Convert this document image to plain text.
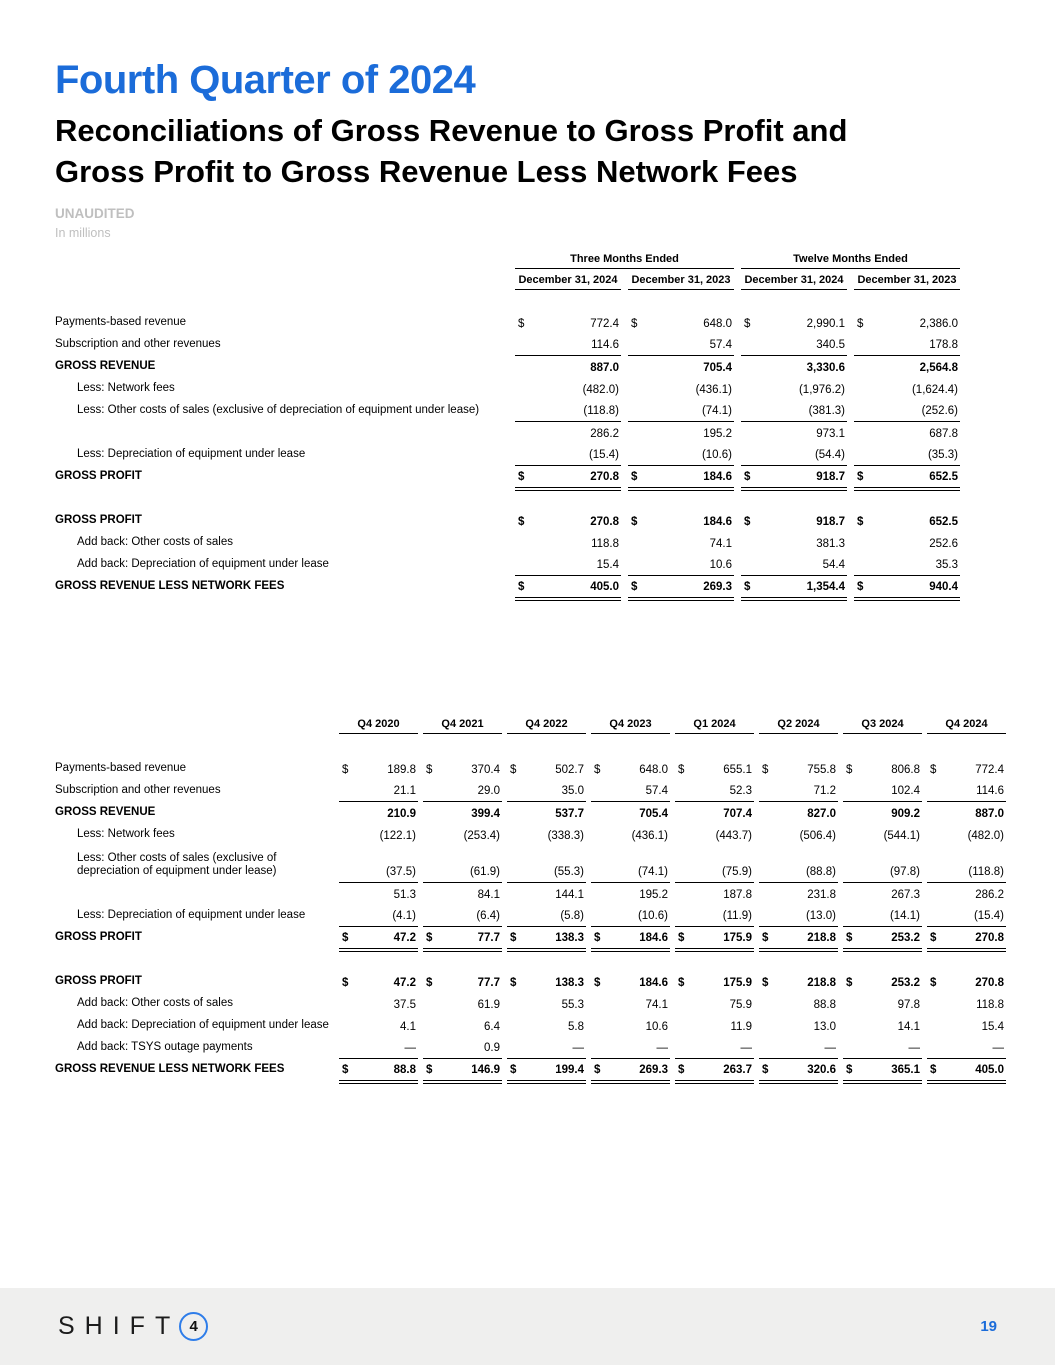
Fourth Quarter of 2024
Reconciliations of Gross Revenue to Gross Profit and
Gross Profit to Gross Revenue Less Network Fees
UNAUDITED
In millions
Three Months Ended	Twelve Months Ended
December 31, 2024	December 31, 2023	December 31, 2024	December 31, 2023
Payments-based revenue	$	772.4 $	648.0 $	2,990.1 $	2,386.0
Subscription and other revenues	114.6	57.4	340.5	178.8
GROSS REVENUE	887.0	705.4	3,330.6	2,564.8
Less: Network fees	(482.0)	(436.1)	(1,976.2)	(1,624.4)
Less: Other costs of sales (exclusive of depreciation of equipment under lease)	(118.8)	(74.1)	(381.3)	(252.6)
286.2	195.2	973.1	687.8
Less: Depreciation of equipment under lease	(15.4)	(10.6)	(54.4)	(35.3)
GROSS PROFIT	$	270.8 $	184.6 $	918.7 $	652.5
GROSS PROFIT	$	270.8 $	184.6 $	918.7 $	652.5
Add back: Other costs of sales	118.8	74.1	381.3	252.6
Add back: Depreciation of equipment under lease	15.4	10.6	54.4	35.3
GROSS REVENUE LESS NETWORK FEES	$	405.0 $	269.3 $	1,354.4 $	940.4
Q4 2020	Q4 2021	Q4 2022	Q4 2023	Q1 2024	Q2 2024	Q3 2024	Q4 2024
Payments-based revenue	$	189.8 $	370.4 $	502.7 $	648.0 $	655.1 $	755.8 $	806.8 $	772.4
Subscription and other revenues	21.1	29.0	35.0	57.4	52.3	71.2	102.4	114.6
GROSS REVENUE	210.9	399.4	537.7	705.4	707.4	827.0	909.2	887.0
Less: Network fees	(122.1)	(253.4)	(338.3)	(436.1)	(443.7)	(506.4)	(544.1)	(482.0)
Less: Other costs of sales (exclusive of depreciation of equipment under lease)	(37.5)	(61.9)	(55.3)	(74.1)	(75.9)	(88.8)	(97.8)	(118.8)
51.3	84.1	144.1	195.2	187.8	231.8	267.3	286.2
Less: Depreciation of equipment under lease	(4.1)	(6.4)	(5.8)	(10.6)	(11.9)	(13.0)	(14.1)	(15.4)
GROSS PROFIT	$	47.2 $	77.7 $	138.3 $	184.6 $	175.9 $	218.8 $	253.2 $	270.8
GROSS PROFIT	$	47.2 $	77.7 $	138.3 $	184.6 $	175.9 $	218.8 $	253.2 $	270.8
Add back: Other costs of sales	37.5	61.9	55.3	74.1	75.9	88.8	97.8	118.8
Add back: Depreciation of equipment under lease	4.1	6.4	5.8	10.6	11.9	13.0	14.1	15.4
Add back: TSYS outage payments	—	0.9	—	—	—	—	—	—
GROSS REVENUE LESS NETWORK FEES	$	88.8 $	146.9 $	199.4 $	269.3 $	263.7 $	320.6 $	365.1 $	405.0
SHIFT 4	19
